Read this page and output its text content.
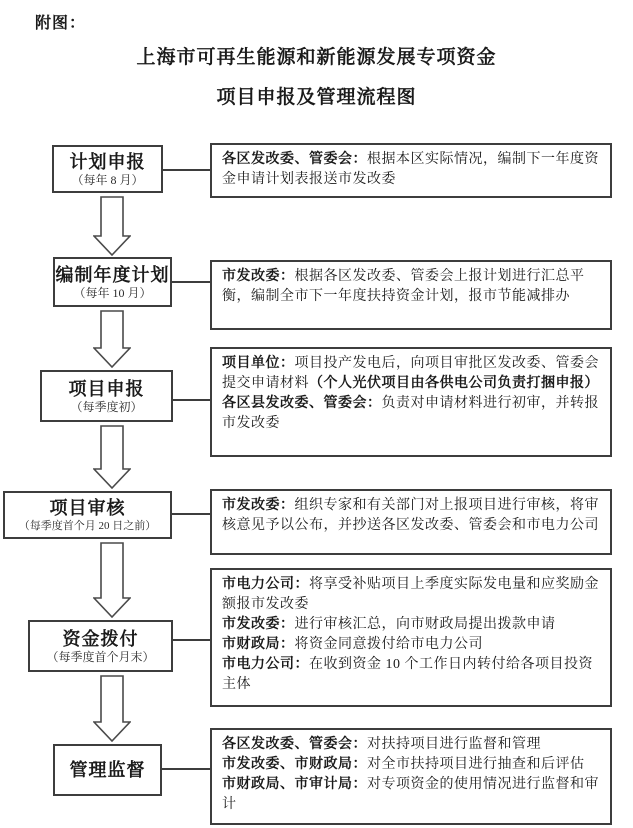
附图：
上海市可再生能源和新能源发展专项资金
项目申报及管理流程图
计划申报
（每年 8 月）
编制年度计划
（每年 10 月）
项目申报
（每季度初）
项目审核
（每季度首个月 20 日之前）
资金拨付
（每季度首个月末）
管理监督
各区发改委、管委会：根据本区实际情况，编制下一年度资金申请计划表报送市发改委
市发改委：根据各区发改委、管委会上报计划进行汇总平衡，编制全市下一年度扶持资金计划，报市节能减排办
项目单位：项目投产发电后，向项目审批区发改委、管委会提交申请材料（个人光伏项目由各供电公司负责打捆申报）
各区县发改委、管委会：负责对申请材料进行初审，并转报市发改委
市发改委：组织专家和有关部门对上报项目进行审核，将审核意见予以公布，并抄送各区发改委、管委会和市电力公司
市电力公司：将享受补贴项目上季度实际发电量和应奖励金额报市发改委
市发改委：进行审核汇总，向市财政局提出拨款申请
市财政局：将资金同意拨付给市电力公司
市电力公司：在收到资金 10 个工作日内转付给各项目投资主体
各区发改委、管委会：对扶持项目进行监督和管理
市发改委、市财政局：对全市扶持项目进行抽查和后评估
市财政局、市审计局：对专项资金的使用情况进行监督和审计
